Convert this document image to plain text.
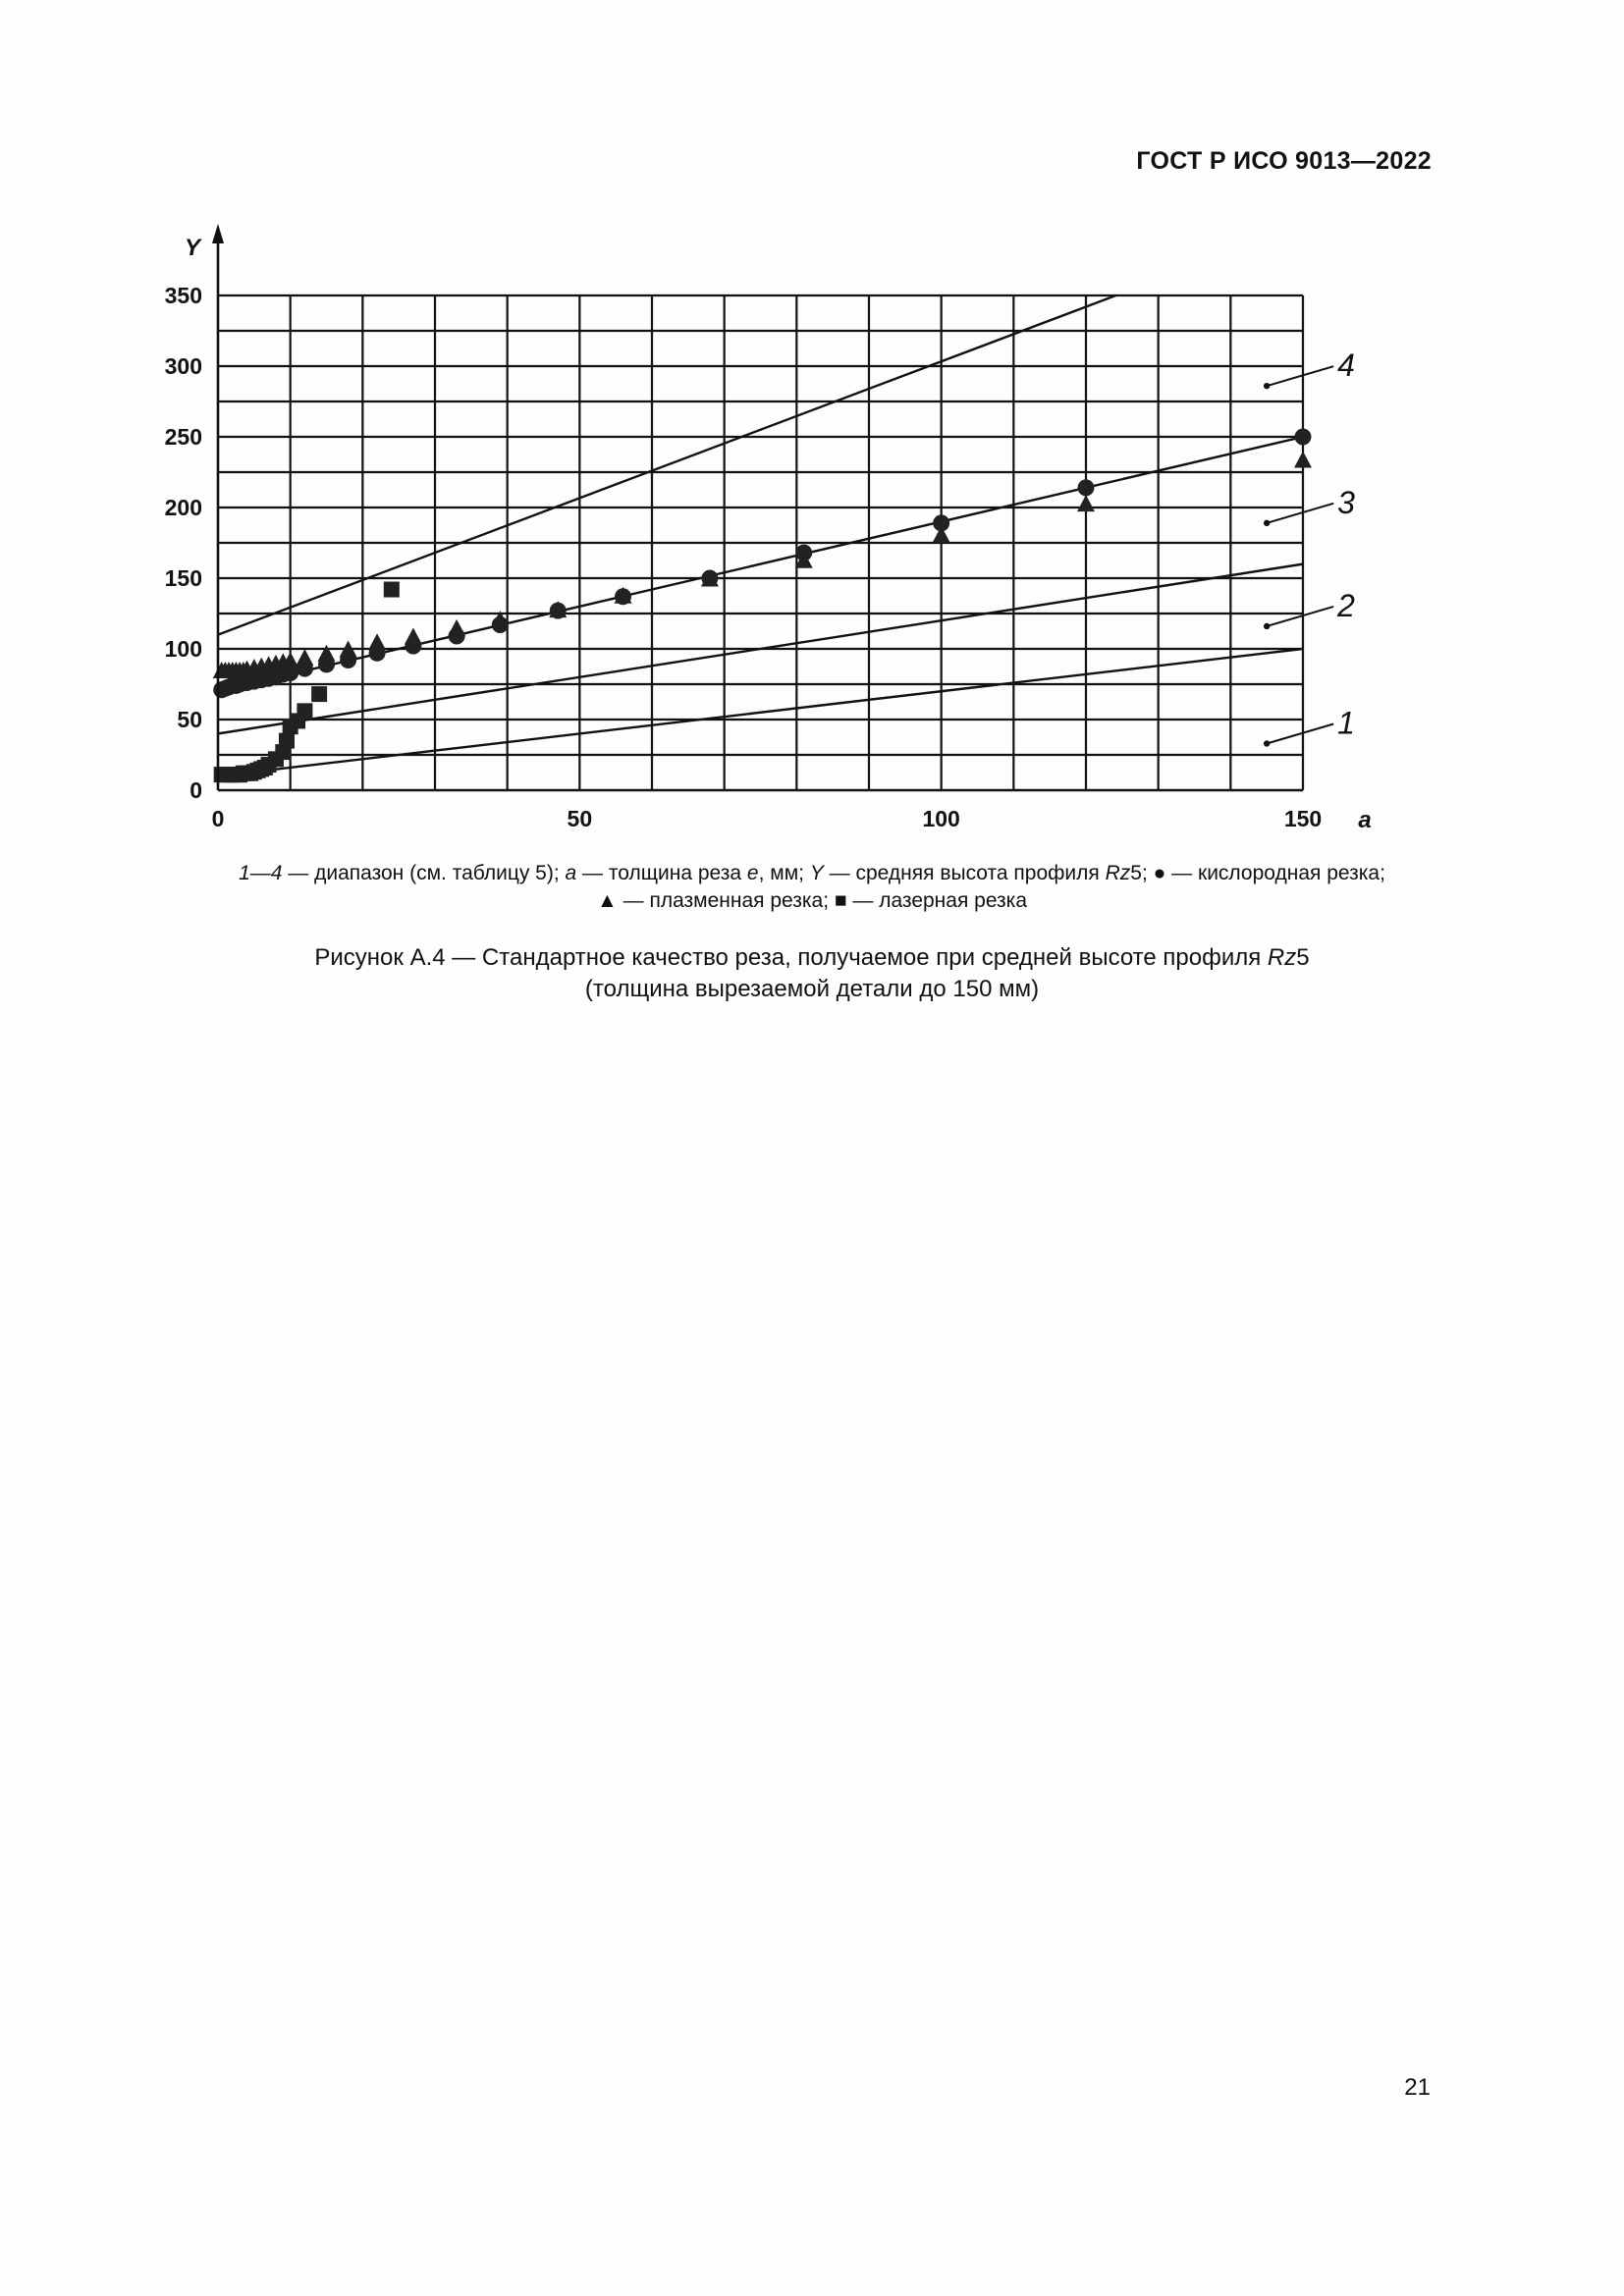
ГОСТ Р ИСО 9013—2022
0
50
100
150
200
250
300
350
0	50	100	150
Y
a
4
3
2
1
1—4 — диапазон (см. таблицу 5); a — толщина реза e, мм; Y — средняя высота профиля Rz5; ● — кислородная резка;
▲ — плазменная резка; ■ — лазерная резка
Рисунок А.4 — Стандартное качество реза, получаемое при средней высоте профиля Rz5
(толщина вырезаемой детали до 150 мм)
21
